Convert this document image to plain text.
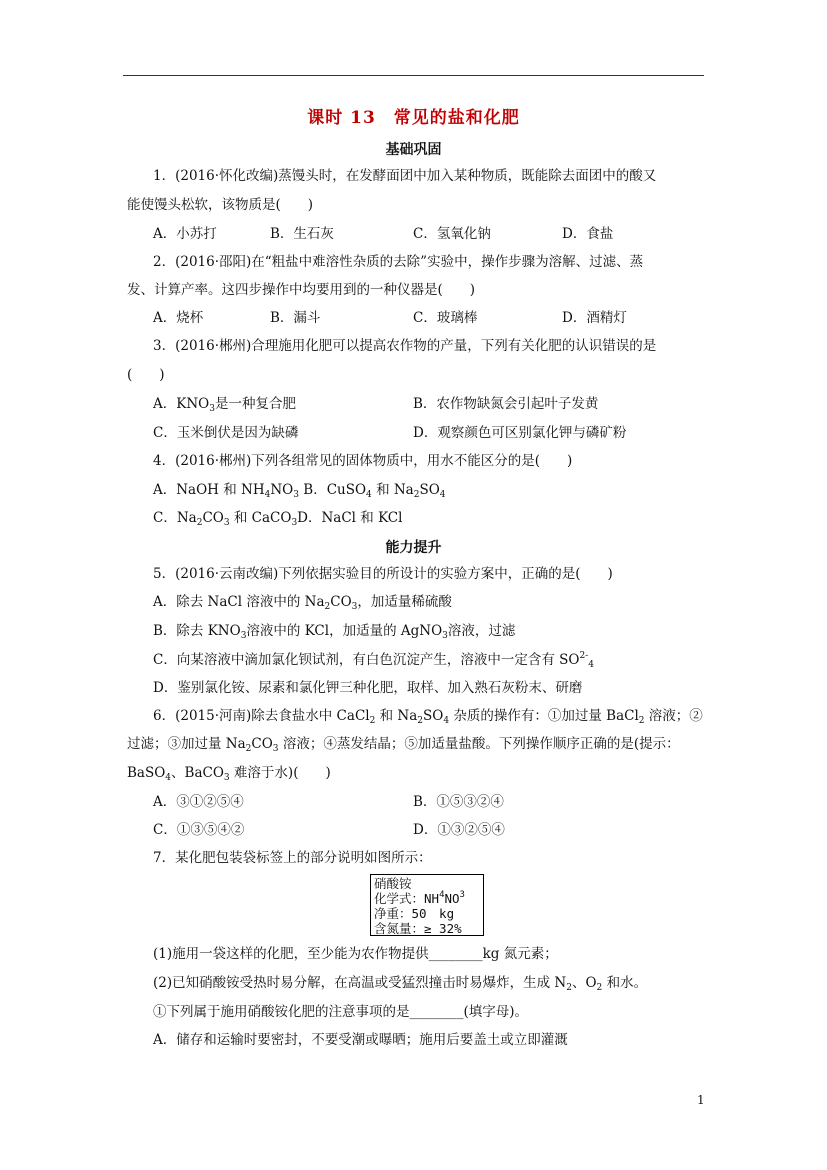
课时 13　常见的盐和化肥
基础巩固
1．(2016·怀化改编)蒸馒头时，在发酵面团中加入某种物质，既能除去面团中的酸又
能使馒头松软，该物质是(　　)
A．小苏打	B．生石灰	C．氢氧化钠	D．食盐
2．(2016·邵阳)在“粗盐中难溶性杂质的去除”实验中，操作步骤为溶解、过滤、蒸
发、计算产率。这四步操作中均要用到的一种仪器是(　　)
A．烧杯	B．漏斗	C．玻璃棒	D．酒精灯
3．(2016·郴州)合理施用化肥可以提高农作物的产量，下列有关化肥的认识错误的是
(　　)
A．$KNO_3$是一种复合肥	B．农作物缺氮会引起叶子发黄
C．玉米倒伏是因为缺磷	D．观察颜色可区别氯化钾与磷矿粉
4．(2016·郴州)下列各组常见的固体物质中，用水不能区分的是(　　)
A．NaOH 和 $NH_4NO_3$ B．CuSO$_4$ 和 $Na_2SO_4$
C．$Na_2CO_3$ 和 CaCO$_3$D．NaCl 和 KCl
能力提升
5．(2016·云南改编)下列依据实验目的所设计的实验方案中，正确的是(　　)
A．除去 NaCl 溶液中的 $Na_2CO_3$，加适量稀硫酸
B．除去 $KNO_3$溶液中的 KCl，加适量的 AgNO$_3$溶液，过滤
C．向某溶液中滴加氯化钡试剂，有白色沉淀产生，溶液中一定含有 $SO^{2-}_4$
D．鉴别氯化铵、尿素和氯化钾三种化肥，取样、加入熟石灰粉末、研磨
6．(2015·河南)除去食盐水中 CaCl$_2$ 和 $Na_2SO_4$ 杂质的操作有：①加过量 BaCl$_2$ 溶液；②
过滤；③加过量 $Na_2CO_3$ 溶液；④蒸发结晶；⑤加适量盐酸。下列操作顺序正确的是(提示：
BaSO$_4$、BaCO$_3$ 难溶于水)(　　)
A．③①②⑤④	B．①⑤③②④
C．①③⑤④②	D．①③②⑤④
7．某化肥包装袋标签上的部分说明如图所示：
硝酸铵
化学式：$NH^4NO^3$
净重：50　kg
含氮量：≥ 32%
(1)施用一袋这样的化肥，至少能为农作物提供________kg 氮元素；
(2)已知硝酸铵受热时易分解，在高温或受猛烈撞击时易爆炸，生成 $N_2$、$O_2$ 和水。
①下列属于施用硝酸铵化肥的注意事项的是________(填字母)。
A．储存和运输时要密封，不要受潮或曝晒；施用后要盖土或立即灌溉
1
